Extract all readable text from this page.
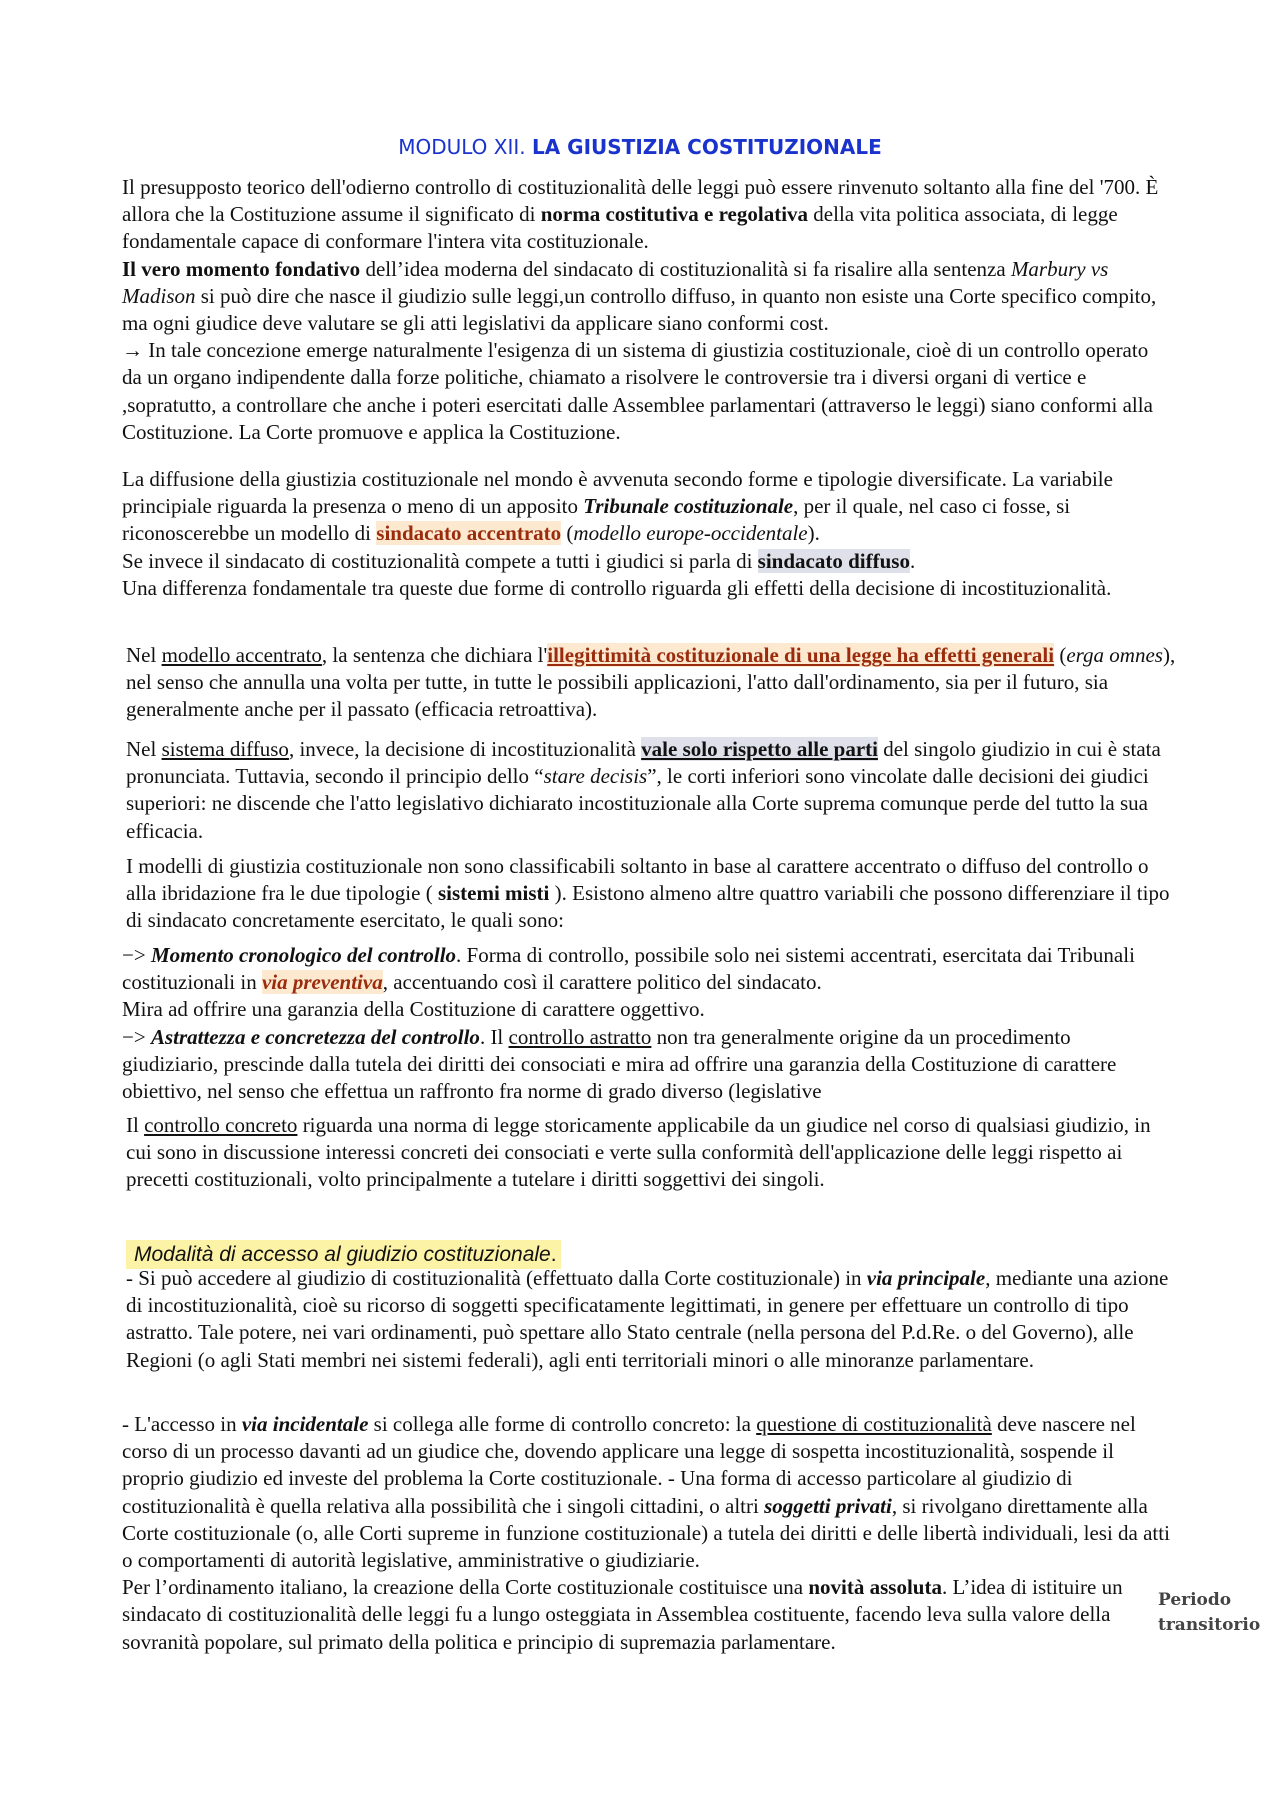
MODULO XII. LA GIUSTIZIA COSTITUZIONALE

Il presupposto teorico dell'odierno controllo di costituzionalità delle leggi può essere rinvenuto soltanto alla fine del '700. È allora che la Costituzione assume il significato di norma costitutiva e regolativa della vita politica associata, di legge fondamentale capace di conformare l'intera vita costituzionale.

Il vero momento fondativo dell’idea moderna del sindacato di costituzionalità si fa risalire alla sentenza Marbury vs Madison si può dire che nasce il giudizio sulle leggi,un controllo diffuso, in quanto non esiste una Corte specifico compito, ma ogni giudice deve valutare se gli atti legislativi da applicare siano conformi cost.

→ In tale concezione emerge naturalmente l'esigenza di un sistema di giustizia costituzionale, cioè di un controllo operato da un organo indipendente dalla forze politiche, chiamato a risolvere le controversie tra i diversi organi di vertice e ,sopratutto, a controllare che anche i poteri esercitati dalle Assemblee parlamentari (attraverso le leggi) siano conformi alla Costituzione. La Corte promuove e applica la Costituzione.

La diffusione della giustizia costituzionale nel mondo è avvenuta secondo forme e tipologie diversificate. La variabile principiale riguarda la presenza o meno di un apposito Tribunale costituzionale, per il quale, nel caso ci fosse, si riconoscerebbe un modello di sindacato accentrato (modello europe-occidentale).

Se invece il sindacato di costituzionalità compete a tutti i giudici si parla di sindacato diffuso.

Una differenza fondamentale tra queste due forme di controllo riguarda gli effetti della decisione di incostituzionalità.

Nel modello accentrato, la sentenza che dichiara l'illegittimità costituzionale di una legge ha effetti generali (erga omnes), nel senso che annulla una volta per tutte, in tutte le possibili applicazioni, l'atto dall'ordinamento, sia per il futuro, sia generalmente anche per il passato (efficacia retroattiva).

Nel sistema diffuso, invece, la decisione di incostituzionalità vale solo rispetto alle parti del singolo giudizio in cui è stata pronunciata. Tuttavia, secondo il principio dello “stare decisis”, le corti inferiori sono vincolate dalle decisioni dei giudici superiori: ne discende che l'atto legislativo dichiarato incostituzionale alla Corte suprema comunque perde del tutto la sua efficacia.

I modelli di giustizia costituzionale non sono classificabili soltanto in base al carattere accentrato o diffuso del controllo o alla ibridazione fra le due tipologie ( sistemi misti ). Esistono almeno altre quattro variabili che possono differenziare il tipo di sindacato concretamente esercitato, le quali sono:

−> Momento cronologico del controllo. Forma di controllo, possibile solo nei sistemi accentrati, esercitata dai Tribunali costituzionali in via preventiva, accentuando così il carattere politico del sindacato.

Mira ad offrire una garanzia della Costituzione di carattere oggettivo.

−> Astrattezza e concretezza del controllo. Il controllo astratto non tra generalmente origine da un procedimento giudiziario, prescinde dalla tutela dei diritti dei consociati e mira ad offrire una garanzia della Costituzione di carattere obiettivo, nel senso che effettua un raffronto fra norme di grado diverso (legislative

Il controllo concreto riguarda una norma di legge storicamente applicabile da un giudice nel corso di qualsiasi giudizio, in cui sono in discussione interessi concreti dei consociati e verte sulla conformità dell'applicazione delle leggi rispetto ai precetti costituzionali, volto principalmente a tutelare i diritti soggettivi dei singoli.

Modalità di accesso al giudizio costituzionale.

- Si può accedere al giudizio di costituzionalità (effettuato dalla Corte costituzionale) in via principale, mediante una azione di incostituzionalità, cioè su ricorso di soggetti specificatamente legittimati, in genere per effettuare un controllo di tipo astratto. Tale potere, nei vari ordinamenti, può spettare allo Stato centrale (nella persona del P.d.Re. o del Governo), alle Regioni (o agli Stati membri nei sistemi federali), agli enti territoriali minori o alle minoranze parlamentare.

- L'accesso in via incidentale si collega alle forme di controllo concreto: la questione di costituzionalità deve nascere nel corso di un processo davanti ad un giudice che, dovendo applicare una legge di sospetta incostituzionalità, sospende il proprio giudizio ed investe del problema la Corte costituzionale. - Una forma di accesso particolare al giudizio di costituzionalità è quella relativa alla possibilità che i singoli cittadini, o altri soggetti privati, si rivolgano direttamente alla Corte costituzionale (o, alle Corti supreme in funzione costituzionale) a tutela dei diritti e delle libertà individuali, lesi da atti o comportamenti di autorità legislative, amministrative o giudiziarie.

Per l’ordinamento italiano, la creazione della Corte costituzionale costituisce una novità assoluta. L’idea di istituire un sindacato di costituzionalità delle leggi fu a lungo osteggiata in Assemblea costituente, facendo leva sulla valore della sovranità popolare, sul primato della politica e principio di supremazia parlamentare.

Periodo
transitorio
